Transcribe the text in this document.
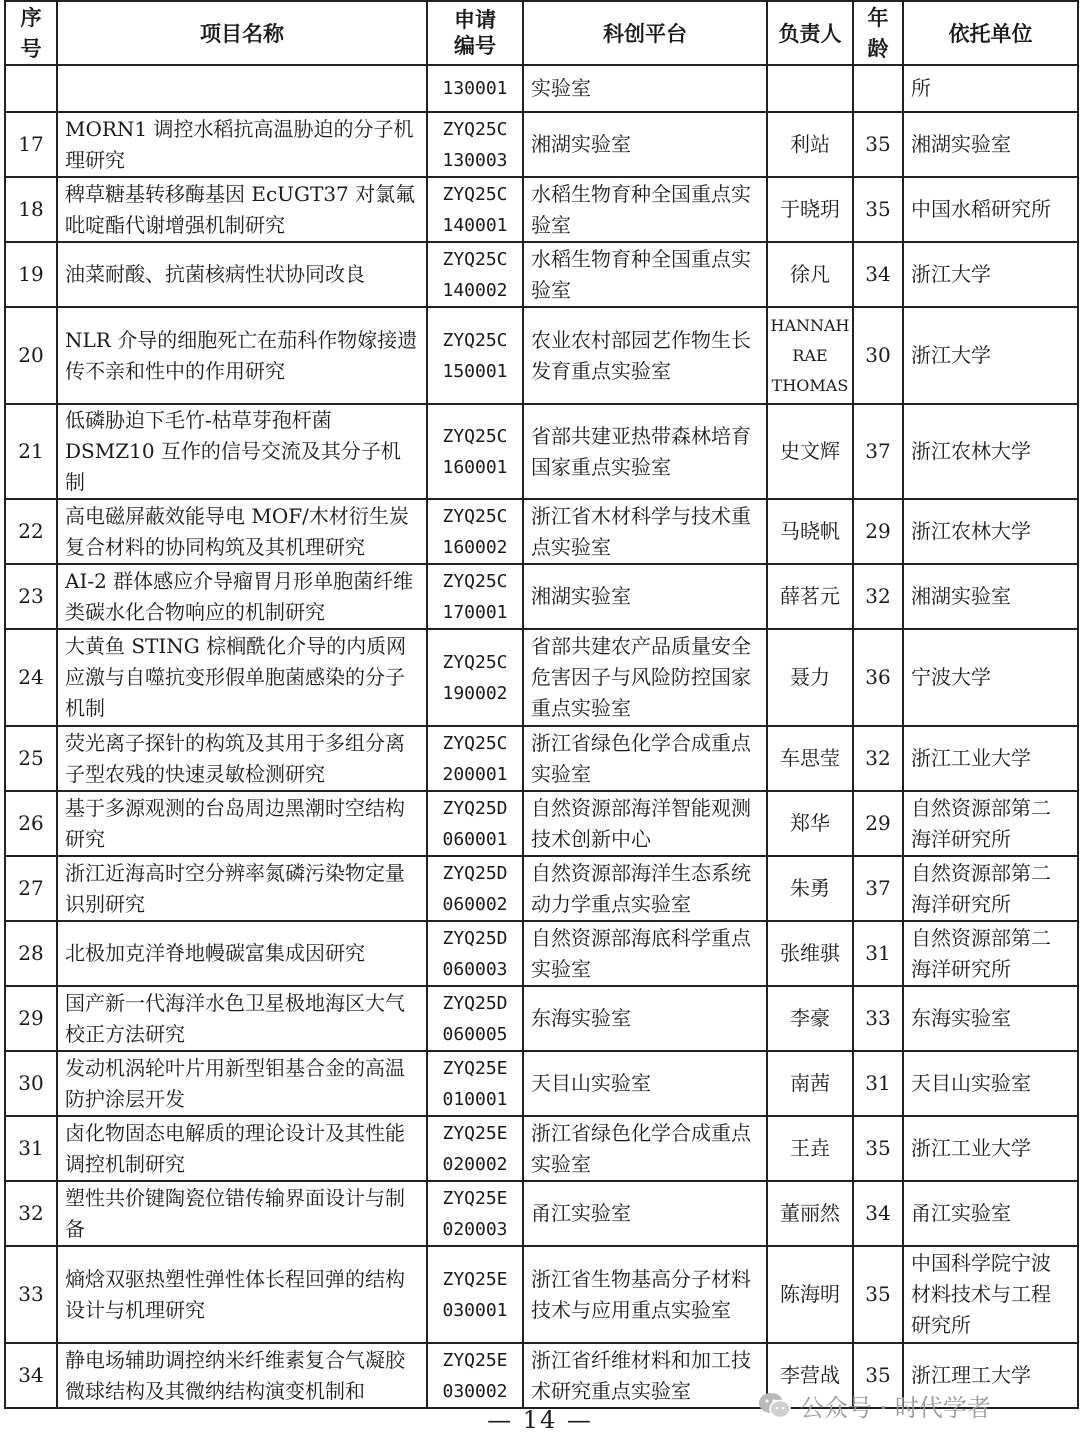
序号	项目名称	申请编号	科创平台	负责人	年龄	依托单位
		130001	实验室			所
17	MORN1 调控水稻抗高温胁迫的分子机理研究	ZYQ25C 130003	湘湖实验室	利站	35	湘湖实验室
18	稗草糖基转移酶基因 EcUGT37 对氯氟吡啶酯代谢增强机制研究	ZYQ25C 140001	水稻生物育种全国重点实验室	于晓玥	35	中国水稻研究所
19	油菜耐酸、抗菌核病性状协同改良	ZYQ25C 140002	水稻生物育种全国重点实验室	徐凡	34	浙江大学
20	NLR 介导的细胞死亡在茄科作物嫁接遗传不亲和性中的作用研究	ZYQ25C 150001	农业农村部园艺作物生长发育重点实验室	HANNAH RAE THOMAS	30	浙江大学
21	低磷胁迫下毛竹-枯草芽孢杆菌 DSMZ10 互作的信号交流及其分子机制	ZYQ25C 160001	省部共建亚热带森林培育国家重点实验室	史文辉	37	浙江农林大学
22	高电磁屏蔽效能导电 MOF/木材衍生炭复合材料的协同构筑及其机理研究	ZYQ25C 160002	浙江省木材科学与技术重点实验室	马晓帆	29	浙江农林大学
23	AI-2 群体感应介导瘤胃月形单胞菌纤维类碳水化合物响应的机制研究	ZYQ25C 170001	湘湖实验室	薛茗元	32	湘湖实验室
24	大黄鱼 STING 棕榈酰化介导的内质网应激与自噬抗变形假单胞菌感染的分子机制	ZYQ25C 190002	省部共建农产品质量安全危害因子与风险防控国家重点实验室	聂力	36	宁波大学
25	荧光离子探针的构筑及其用于多组分离子型农残的快速灵敏检测研究	ZYQ25C 200001	浙江省绿色化学合成重点实验室	车思莹	32	浙江工业大学
26	基于多源观测的台岛周边黑潮时空结构研究	ZYQ25D 060001	自然资源部海洋智能观测技术创新中心	郑华	29	自然资源部第二海洋研究所
27	浙江近海高时空分辨率氮磷污染物定量识别研究	ZYQ25D 060002	自然资源部海洋生态系统动力学重点实验室	朱勇	37	自然资源部第二海洋研究所
28	北极加克洋脊地幔碳富集成因研究	ZYQ25D 060003	自然资源部海底科学重点实验室	张维骐	31	自然资源部第二海洋研究所
29	国产新一代海洋水色卫星极地海区大气校正方法研究	ZYQ25D 060005	东海实验室	李豪	33	东海实验室
30	发动机涡轮叶片用新型钼基合金的高温防护涂层开发	ZYQ25E 010001	天目山实验室	南茜	31	天目山实验室
31	卤化物固态电解质的理论设计及其性能调控机制研究	ZYQ25E 020002	浙江省绿色化学合成重点实验室	王垚	35	浙江工业大学
32	塑性共价键陶瓷位错传输界面设计与制备	ZYQ25E 020003	甬江实验室	董丽然	34	甬江实验室
33	熵焓双驱热塑性弹性体长程回弹的结构设计与机理研究	ZYQ25E 030001	浙江省生物基高分子材料技术与应用重点实验室	陈海明	35	中国科学院宁波材料技术与工程研究所
34	静电场辅助调控纳米纤维素复合气凝胶微球结构及其微纳结构演变机制和	ZYQ25E 030002	浙江省纤维材料和加工技术研究重点实验室	李营战	35	浙江理工大学
公众号 · 时代学者
— 14 —
